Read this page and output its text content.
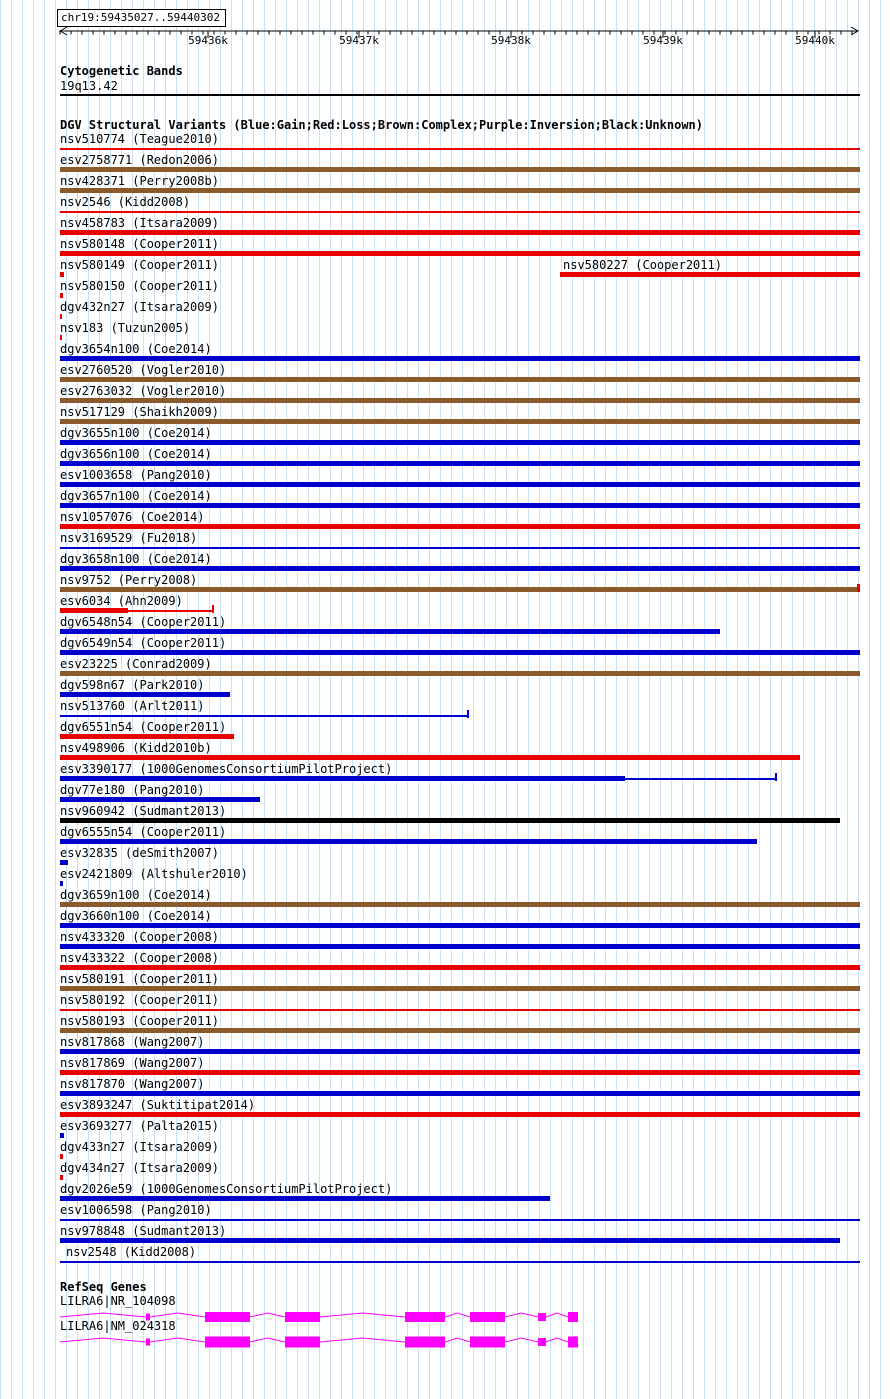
59436k	59437k	59438k	59439k	59440k
chr19:59435027..59440302
Cytogenetic Bands
19q13.42
DGV Structural Variants (Blue:Gain;Red:Loss;Brown:Complex;Purple:Inversion;Black:Unknown)
nsv510774 (Teague2010)
esv2758771 (Redon2006)
nsv428371 (Perry2008b)
nsv2546 (Kidd2008)
nsv458783 (Itsara2009)
nsv580148 (Cooper2011)
nsv580149 (Cooper2011)	nsv580227 (Cooper2011)
nsv580150 (Cooper2011)
dgv432n27 (Itsara2009)
nsv183 (Tuzun2005)
dgv3654n100 (Coe2014)
esv2760520 (Vogler2010)
esv2763032 (Vogler2010)
nsv517129 (Shaikh2009)
dgv3655n100 (Coe2014)
dgv3656n100 (Coe2014)
esv1003658 (Pang2010)
dgv3657n100 (Coe2014)
nsv1057076 (Coe2014)
nsv3169529 (Fu2018)
dgv3658n100 (Coe2014)
nsv9752 (Perry2008)
esv6034 (Ahn2009)
dgv6548n54 (Cooper2011)
dgv6549n54 (Cooper2011)
esv23225 (Conrad2009)
dgv598n67 (Park2010)
nsv513760 (Arlt2011)
dgv6551n54 (Cooper2011)
nsv498906 (Kidd2010b)
esv3390177 (1000GenomesConsortiumPilotProject)
dgv77e180 (Pang2010)
nsv960942 (Sudmant2013)
dgv6555n54 (Cooper2011)
esv32835 (deSmith2007)
esv2421809 (Altshuler2010)
dgv3659n100 (Coe2014)
dgv3660n100 (Coe2014)
nsv433320 (Cooper2008)
nsv433322 (Cooper2008)
nsv580191 (Cooper2011)
nsv580192 (Cooper2011)
nsv580193 (Cooper2011)
nsv817868 (Wang2007)
nsv817869 (Wang2007)
nsv817870 (Wang2007)
esv3893247 (Suktitipat2014)
esv3693277 (Palta2015)
dgv433n27 (Itsara2009)
dgv434n27 (Itsara2009)
dgv2026e59 (1000GenomesConsortiumPilotProject)
esv1006598 (Pang2010)
nsv978848 (Sudmant2013)
nsv2548 (Kidd2008)
RefSeq Genes
LILRA6|NR_104098
LILRA6|NM_024318
